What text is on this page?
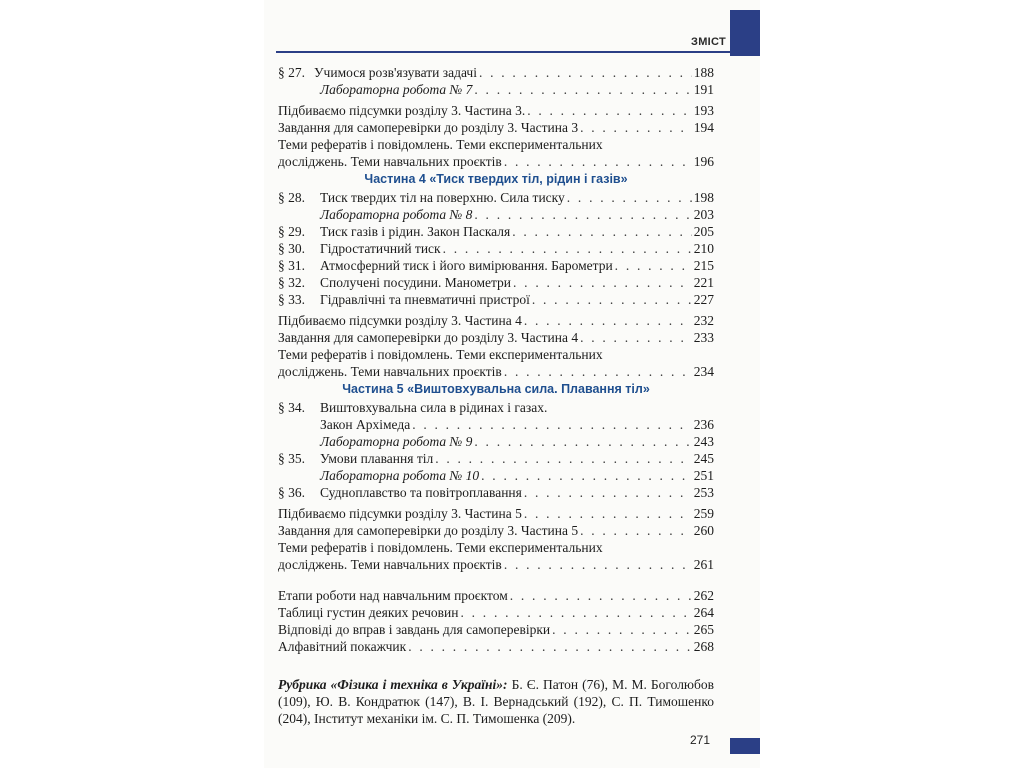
ЗМІСТ
§ 27. Учимося розв'язувати задачі . . .	188
Лабораторна робота № 7 . . .	191
Підбиваємо підсумки розділу 3. Частина 3. . . .	193
Завдання для самоперевірки до розділу 3. Частина 3 . . .	194
Теми рефератів і повідомлень. Теми експериментальних
досліджень. Теми навчальних проєктів . . .	196
Частина 4 «Тиск твердих тіл, рідин і газів»
§ 28.	Тиск твердих тіл на поверхню. Сила тиску . . .	198
Лабораторна робота № 8 . . .	203
§ 29.	Тиск газів і рідин. Закон Паскаля . . .	205
§ 30.	Гідростатичний тиск . . .	210
§ 31.	Атмосферний тиск і його вимірювання. Барометри . . .	215
§ 32.	Сполучені посудини. Манометри . . .	221
§ 33.	Гідравлічні та пневматичні пристрої . . .	227
Підбиваємо підсумки розділу 3. Частина 4 . . .	232
Завдання для самоперевірки до розділу 3. Частина 4 . . .	233
Теми рефератів і повідомлень. Теми експериментальних
досліджень. Теми навчальних проєктів . . .	234
Частина 5 «Виштовхувальна сила. Плавання тіл»
§ 34.	Виштовхувальна сила в рідинах і газах.
Закон Архімеда . . .	236
Лабораторна робота № 9 . . .	243
§ 35.	Умови плавання тіл . . .	245
Лабораторна робота № 10 . . .	251
§ 36.	Судноплавство та повітроплавання . . .	253
Підбиваємо підсумки розділу 3. Частина 5 . . .	259
Завдання для самоперевірки до розділу 3. Частина 5 . . .	260
Теми рефератів і повідомлень. Теми експериментальних
досліджень. Теми навчальних проєктів . . .	261
Етапи роботи над навчальним проєктом . . .	262
Таблиці густин деяких речовин . . .	264
Відповіді до вправ і завдань для самоперевірки . . .	265
Алфавітний покажчик . . .	268
Рубрика «Фізика і техніка в Україні»: Б. Є. Патон (76), М. М. Боголюбов (109), Ю. В. Кондратюк (147), В. І. Вернадський (192), С. П. Тимошенко (204), Інститут механіки ім. С. П. Тимошенка (209).
271
